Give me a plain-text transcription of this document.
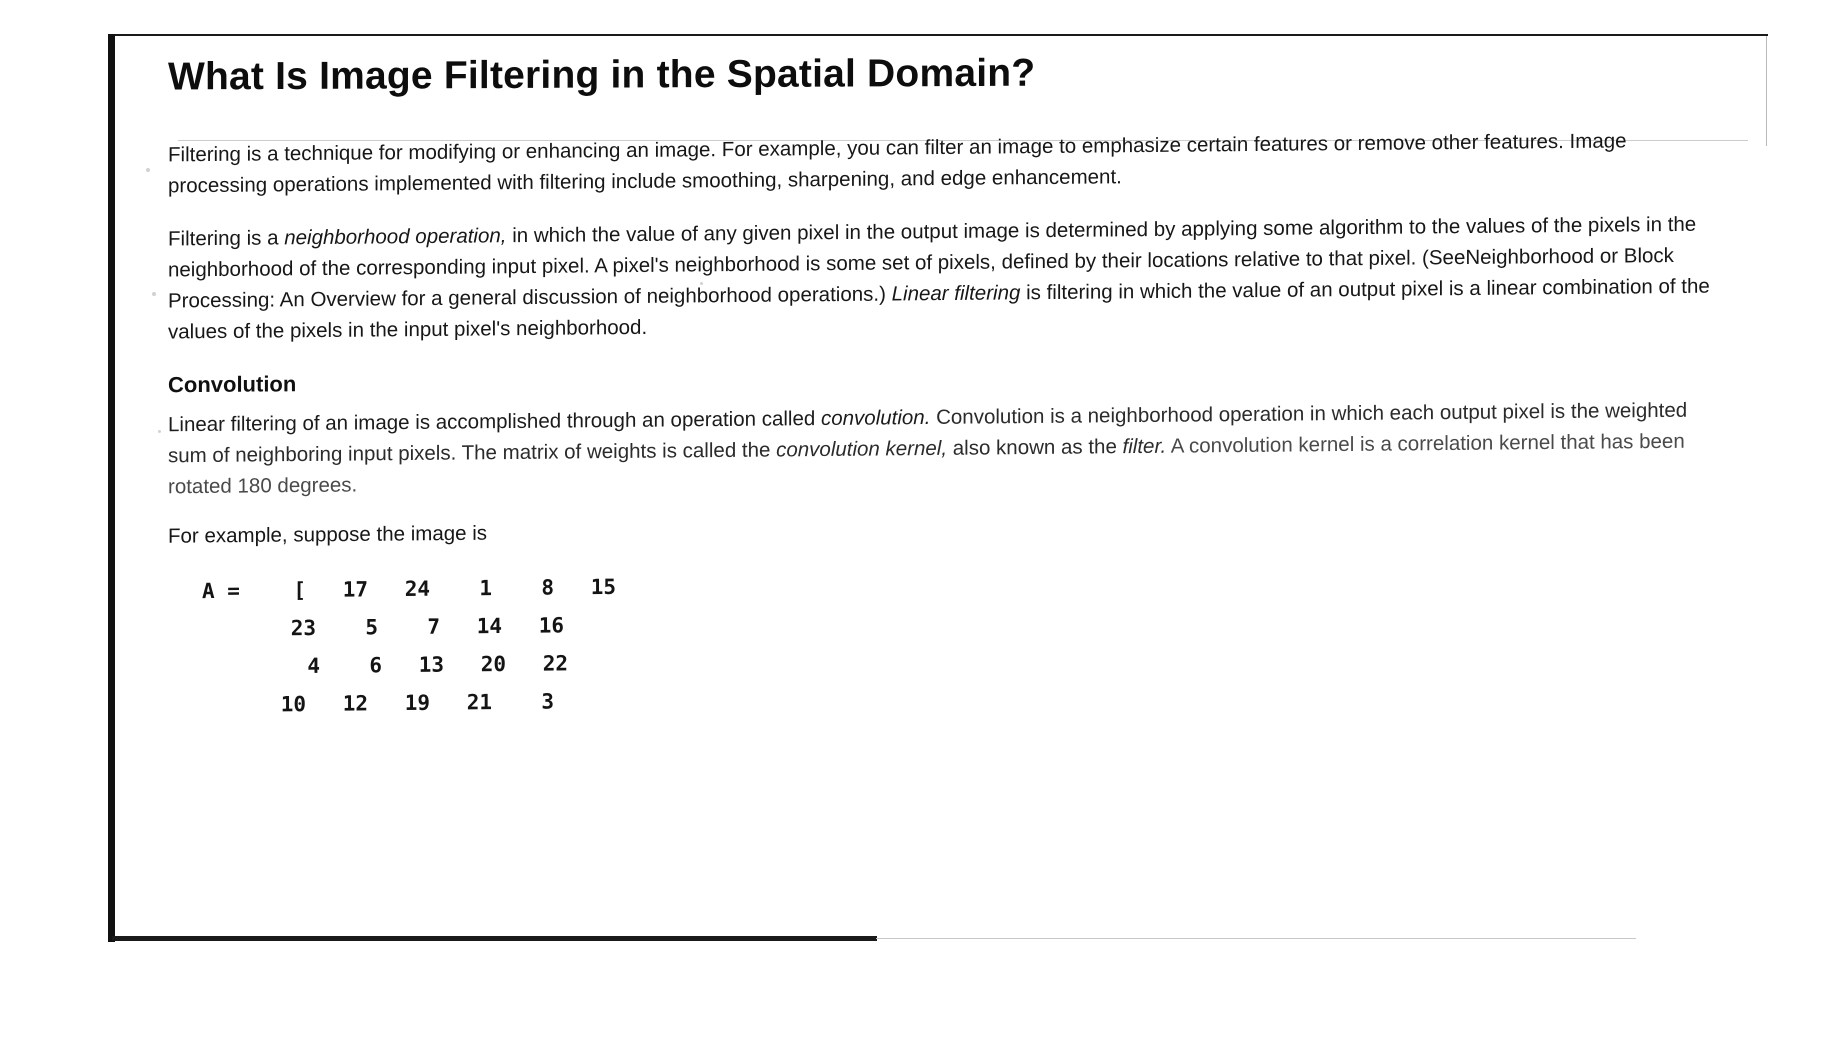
What Is Image Filtering in the Spatial Domain?

Filtering is a technique for modifying or enhancing an image. For example, you can filter an image to emphasize certain features or remove other features. Image processing operations implemented with filtering include smoothing, sharpening, and edge enhancement.

Filtering is a neighborhood operation, in which the value of any given pixel in the output image is determined by applying some algorithm to the values of the pixels in the neighborhood of the corresponding input pixel. A pixel's neighborhood is some set of pixels, defined by their locations relative to that pixel. (SeeNeighborhood or Block Processing: An Overview for a general discussion of neighborhood operations.) Linear filtering is filtering in which the value of an output pixel is a linear combination of the values of the pixels in the input pixel's neighborhood.

Convolution

Linear filtering of an image is accomplished through an operation called convolution. Convolution is a neighborhood operation in which each output pixel is the weighted sum of neighboring input pixels. The matrix of weights is called the convolution kernel, also known as the filter. A convolution kernel is a correlation kernel that has been rotated 180 degrees.

For example, suppose the image is

A =	[ 17 24 1 8 15
23 5 7 14 16
4 6 13 20 22
10 12 19 21 3
